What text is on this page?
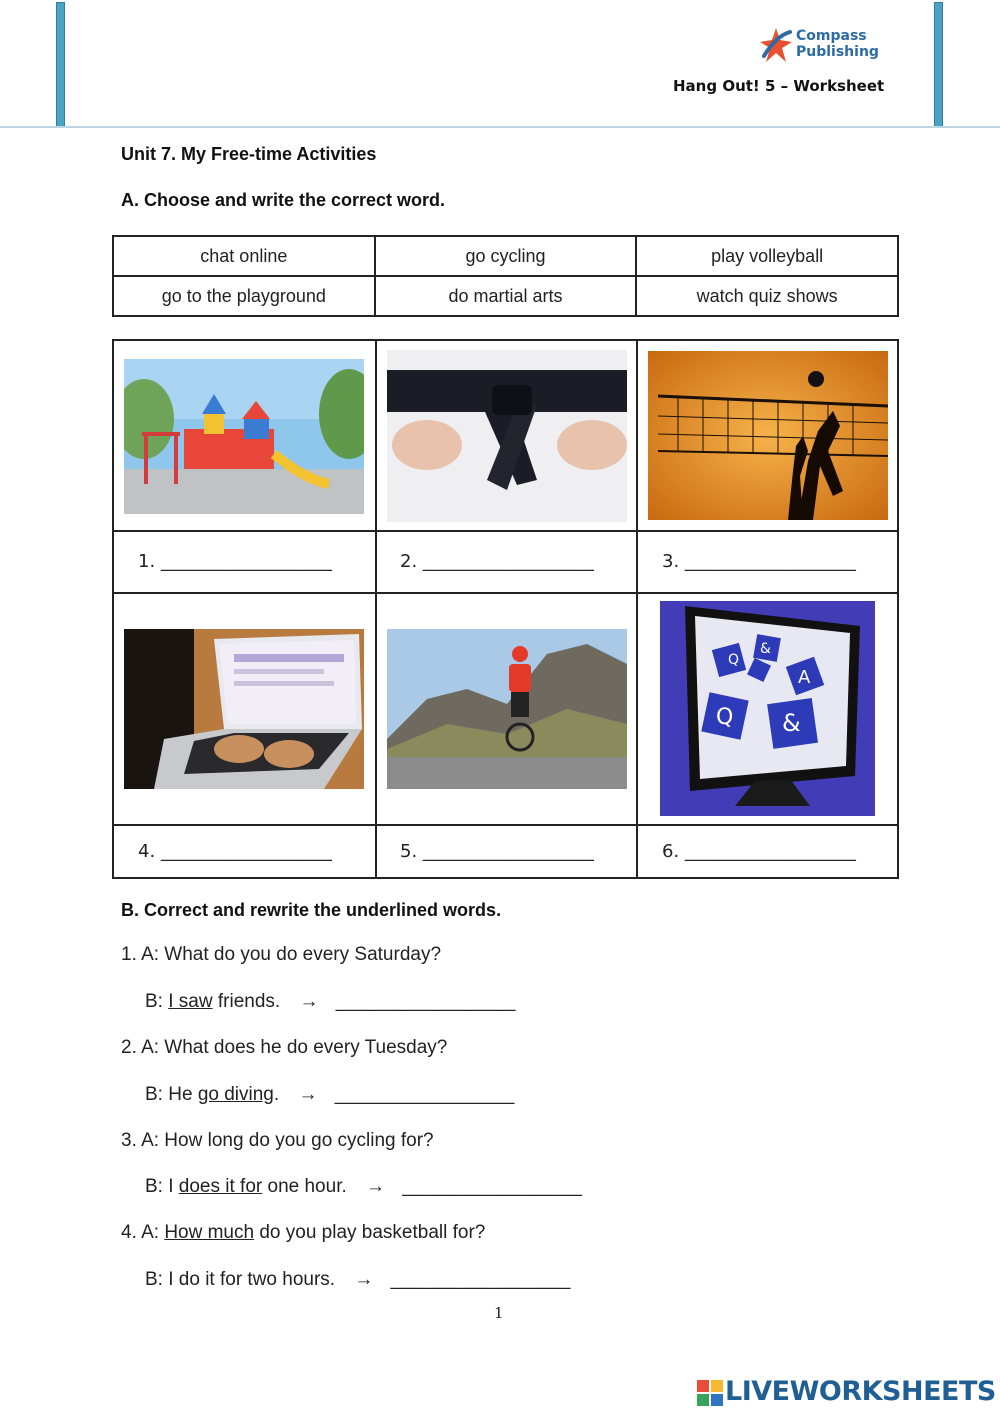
Compass
Publishing
Hang Out! 5 – Worksheet
Unit 7. My Free-time Activities
A. Choose and write the correct word.
chat online	go cycling	play volleyball
go to the playground	do martial arts	watch quiz shows
1. ___________________	2. ___________________	3. ___________________
Q
&
A
Q &
4. ___________________	5. ___________________	6. ___________________
B. Correct and rewrite the underlined words.
1. A: What do you do every Saturday?
B: I saw friends. → _________________
2. A: What does he do every Tuesday?
B: He go diving. → _________________
3. A: How long do you go cycling for?
B: I does it for one hour. → _________________
4. A: How much do you play basketball for?
B: I do it for two hours. → _________________
1
LIVEWORKSHEETS
